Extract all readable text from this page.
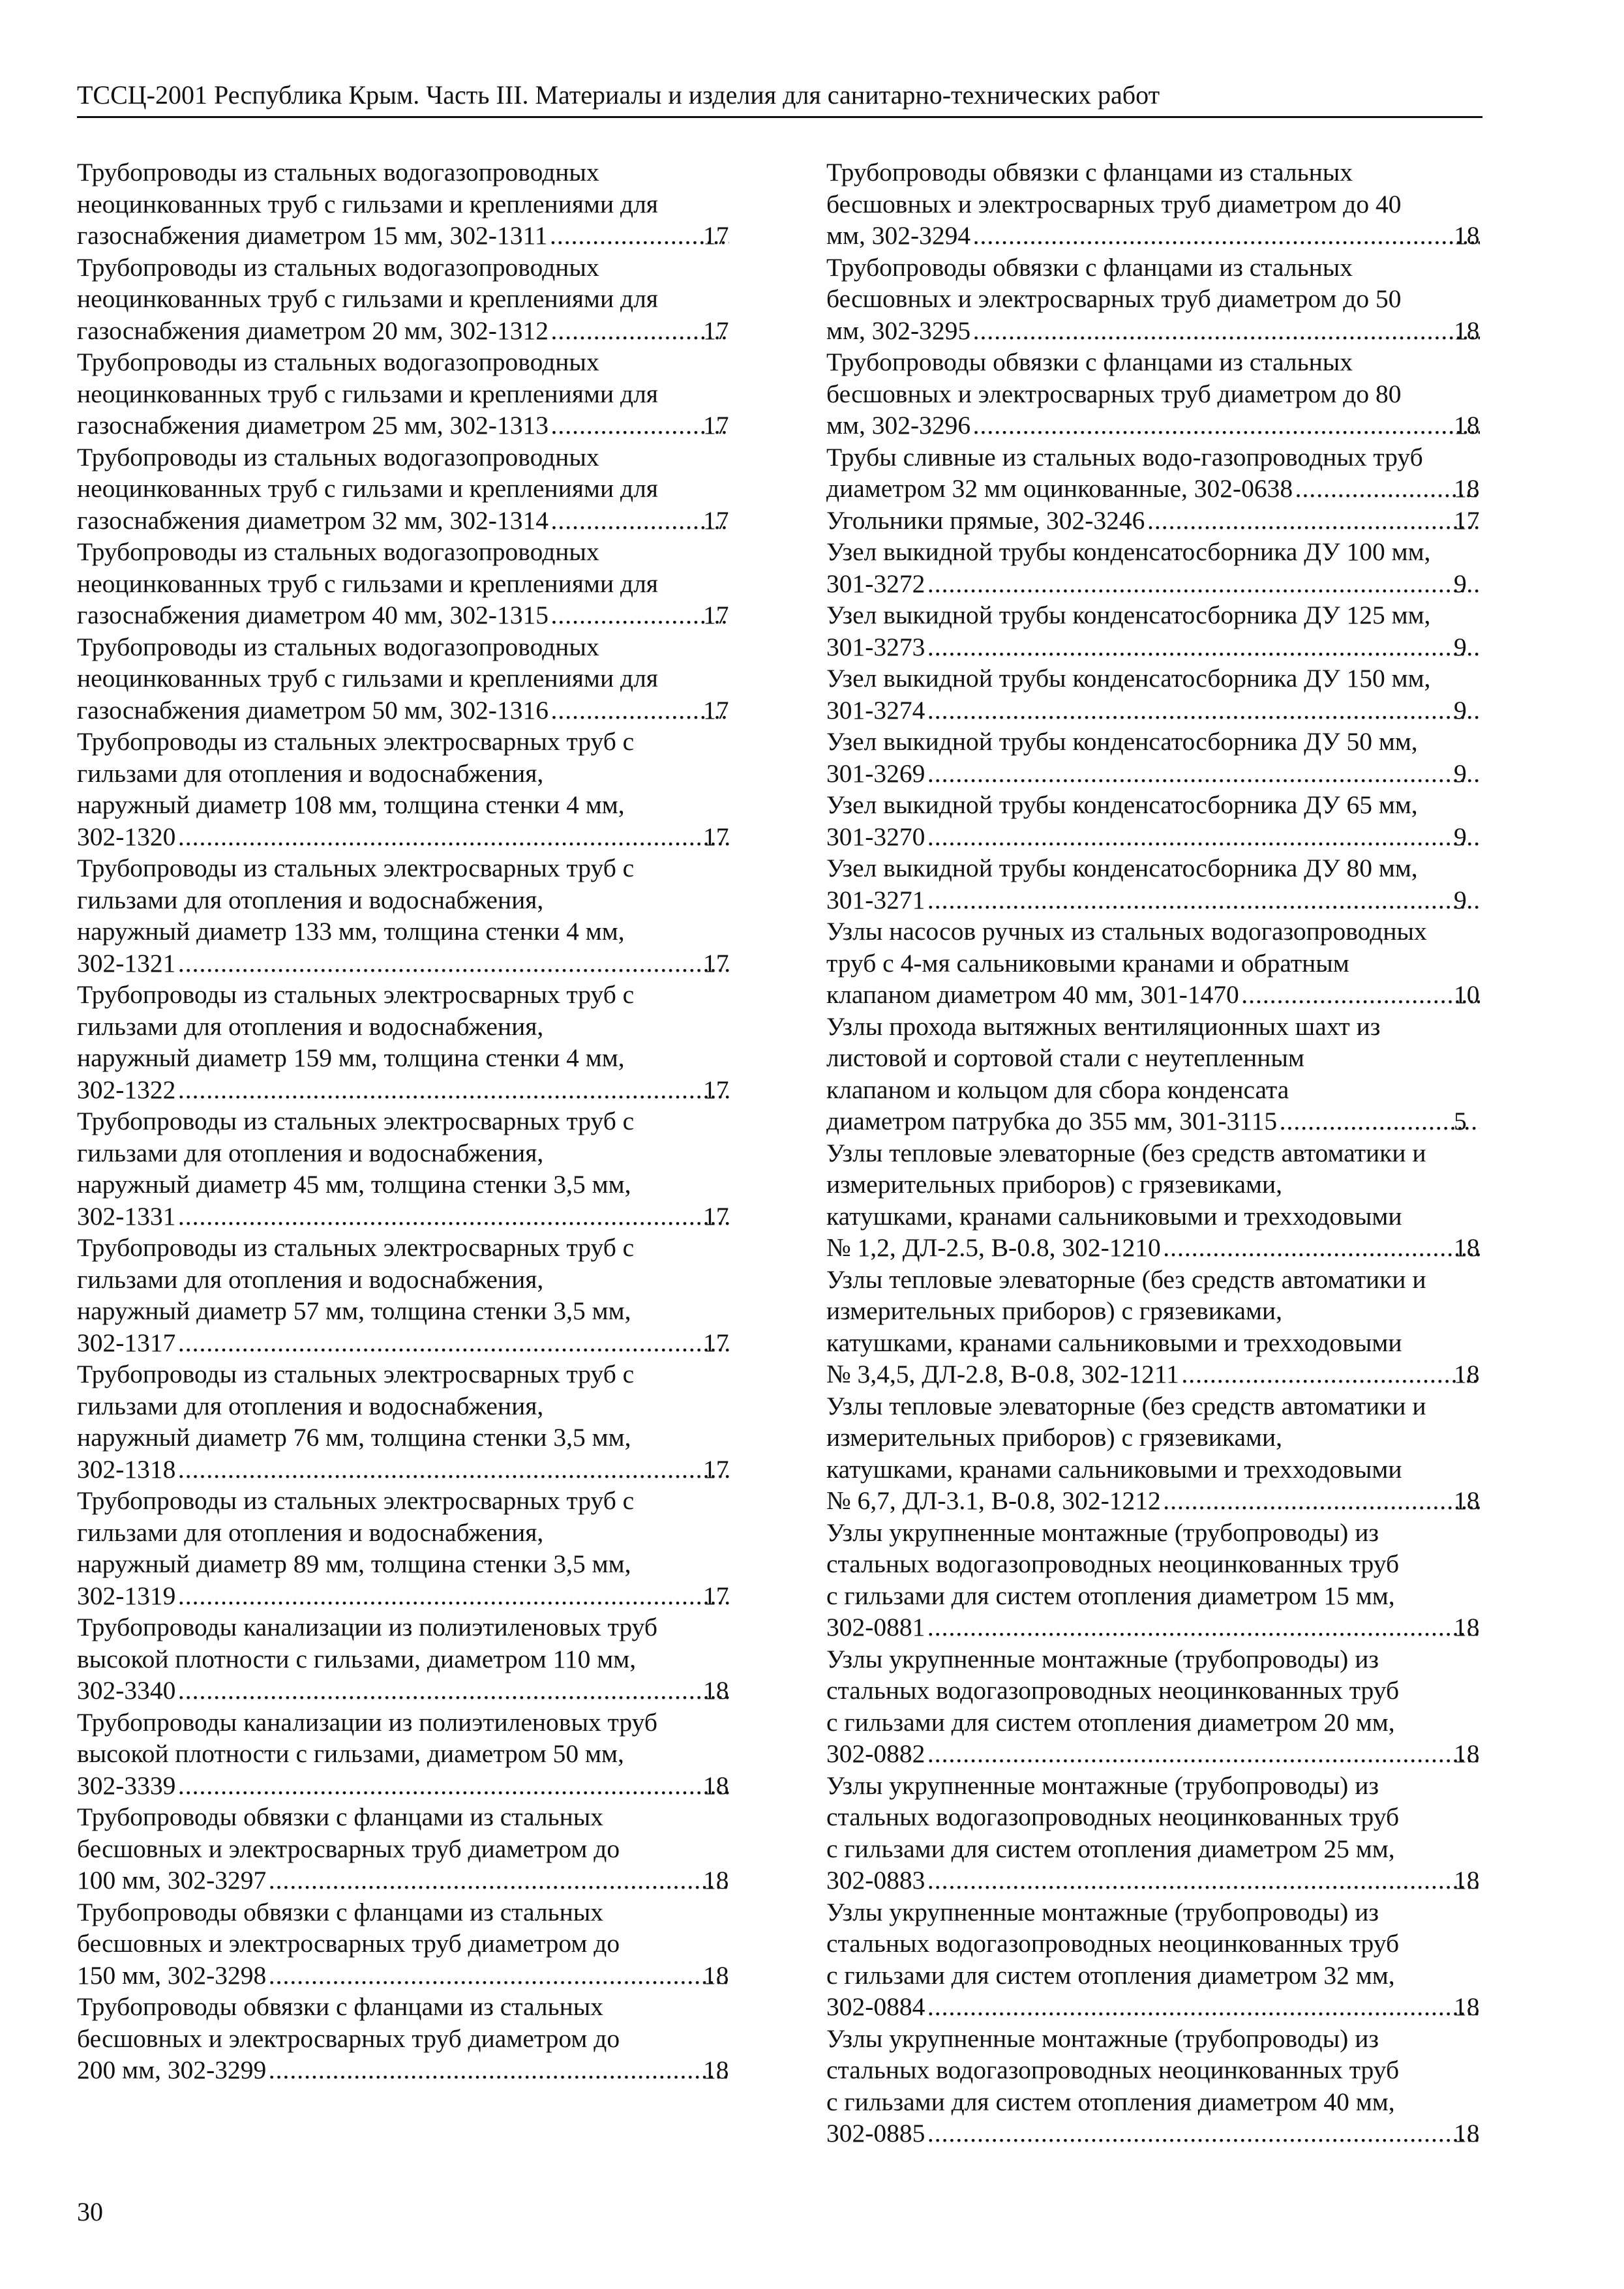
ТССЦ-2001 Республика Крым. Часть III. Материалы и изделия для санитарно-технических работ
Трубопроводы из стальных водогазопроводных
неоцинкованных труб с гильзами и креплениями для
газоснабжения диаметром 15 мм, 302-1311 .....	17
Трубопроводы из стальных водогазопроводных
неоцинкованных труб с гильзами и креплениями для
газоснабжения диаметром 20 мм, 302-1312 .....	17
Трубопроводы из стальных водогазопроводных
неоцинкованных труб с гильзами и креплениями для
газоснабжения диаметром 25 мм, 302-1313 .....	17
Трубопроводы из стальных водогазопроводных
неоцинкованных труб с гильзами и креплениями для
газоснабжения диаметром 32 мм, 302-1314 .....	17
Трубопроводы из стальных водогазопроводных
неоцинкованных труб с гильзами и креплениями для
газоснабжения диаметром 40 мм, 302-1315 .....	17
Трубопроводы из стальных водогазопроводных
неоцинкованных труб с гильзами и креплениями для
газоснабжения диаметром 50 мм, 302-1316 .....	17
Трубопроводы из стальных электросварных труб с
гильзами для отопления и водоснабжения,
наружный диаметр 108 мм, толщина стенки 4 мм,
302-1320 .....	17
Трубопроводы из стальных электросварных труб с
гильзами для отопления и водоснабжения,
наружный диаметр 133 мм, толщина стенки 4 мм,
302-1321 .....	17
Трубопроводы из стальных электросварных труб с
гильзами для отопления и водоснабжения,
наружный диаметр 159 мм, толщина стенки 4 мм,
302-1322 .....	17
Трубопроводы из стальных электросварных труб с
гильзами для отопления и водоснабжения,
наружный диаметр 45 мм, толщина стенки 3,5 мм,
302-1331 .....	17
Трубопроводы из стальных электросварных труб с
гильзами для отопления и водоснабжения,
наружный диаметр 57 мм, толщина стенки 3,5 мм,
302-1317 .....	17
Трубопроводы из стальных электросварных труб с
гильзами для отопления и водоснабжения,
наружный диаметр 76 мм, толщина стенки 3,5 мм,
302-1318 .....	17
Трубопроводы из стальных электросварных труб с
гильзами для отопления и водоснабжения,
наружный диаметр 89 мм, толщина стенки 3,5 мм,
302-1319 .....	17
Трубопроводы канализации из полиэтиленовых труб
высокой плотности с гильзами, диаметром 110 мм,
302-3340 .....	18
Трубопроводы канализации из полиэтиленовых труб
высокой плотности с гильзами, диаметром 50 мм,
302-3339 .....	18
Трубопроводы обвязки с фланцами из стальных
бесшовных и электросварных труб диаметром до
100 мм, 302-3297 .....	18
Трубопроводы обвязки с фланцами из стальных
бесшовных и электросварных труб диаметром до
150 мм, 302-3298 .....	18
Трубопроводы обвязки с фланцами из стальных
бесшовных и электросварных труб диаметром до
200 мм, 302-3299 .....	18
Трубопроводы обвязки с фланцами из стальных
бесшовных и электросварных труб диаметром до 40
мм, 302-3294 .....	18
Трубопроводы обвязки с фланцами из стальных
бесшовных и электросварных труб диаметром до 50
мм, 302-3295 .....	18
Трубопроводы обвязки с фланцами из стальных
бесшовных и электросварных труб диаметром до 80
мм, 302-3296 .....	18
Трубы сливные из стальных водо-газопроводных труб
диаметром 32 мм оцинкованные, 302-0638 .....	18
Угольники прямые, 302-3246 .....	17
Узел выкидной трубы конденсатосборника ДУ 100 мм,
301-3272 .....	9
Узел выкидной трубы конденсатосборника ДУ 125 мм,
301-3273 .....	9
Узел выкидной трубы конденсатосборника ДУ 150 мм,
301-3274 .....	9
Узел выкидной трубы конденсатосборника ДУ 50 мм,
301-3269 .....	9
Узел выкидной трубы конденсатосборника ДУ 65 мм,
301-3270 .....	9
Узел выкидной трубы конденсатосборника ДУ 80 мм,
301-3271 .....	9
Узлы насосов ручных из стальных водогазопроводных
труб с 4-мя сальниковыми кранами и обратным
клапаном диаметром 40 мм, 301-1470 .....	10
Узлы прохода вытяжных вентиляционных шахт из
листовой и сортовой стали с неутепленным
клапаном и кольцом для сбора конденсата
диаметром патрубка до 355 мм, 301-3115 .....	5
Узлы тепловые элеваторные (без средств автоматики и
измерительных приборов) с грязевиками,
катушками, кранами сальниковыми и трехходовыми
№ 1,2, ДЛ-2.5, В-0.8, 302-1210 .....	18
Узлы тепловые элеваторные (без средств автоматики и
измерительных приборов) с грязевиками,
катушками, кранами сальниковыми и трехходовыми
№ 3,4,5, ДЛ-2.8, В-0.8, 302-1211 .....	18
Узлы тепловые элеваторные (без средств автоматики и
измерительных приборов) с грязевиками,
катушками, кранами сальниковыми и трехходовыми
№ 6,7, ДЛ-3.1, В-0.8, 302-1212 .....	18
Узлы укрупненные монтажные (трубопроводы) из
стальных водогазопроводных неоцинкованных труб
с гильзами для систем отопления диаметром 15 мм,
302-0881 .....	18
Узлы укрупненные монтажные (трубопроводы) из
стальных водогазопроводных неоцинкованных труб
с гильзами для систем отопления диаметром 20 мм,
302-0882 .....	18
Узлы укрупненные монтажные (трубопроводы) из
стальных водогазопроводных неоцинкованных труб
с гильзами для систем отопления диаметром 25 мм,
302-0883 .....	18
Узлы укрупненные монтажные (трубопроводы) из
стальных водогазопроводных неоцинкованных труб
с гильзами для систем отопления диаметром 32 мм,
302-0884 .....	18
Узлы укрупненные монтажные (трубопроводы) из
стальных водогазопроводных неоцинкованных труб
с гильзами для систем отопления диаметром 40 мм,
302-0885 .....	18
30
